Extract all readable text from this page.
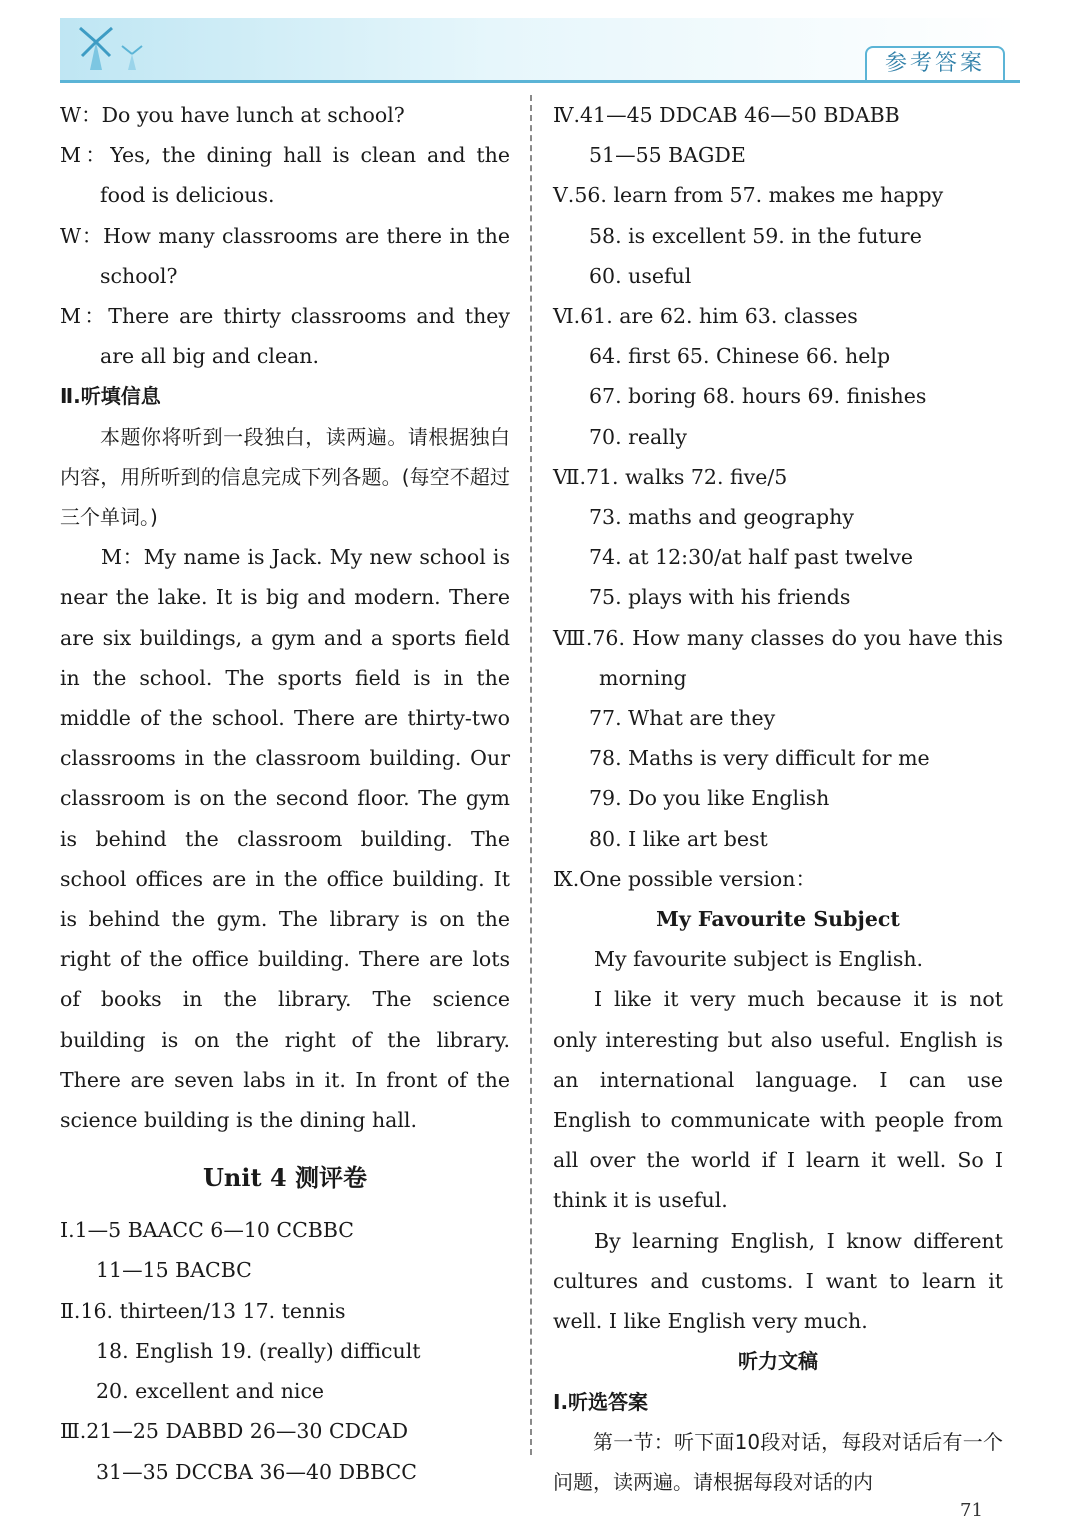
参考答案
W：Do you have lunch at school?
M：Yes, the dining hall is clean and the food is delicious.
W：How many classrooms are there in the school?
M：There are thirty classrooms and they are all big and clean.
Ⅱ.听填信息
本题你将听到一段独白，读两遍。请根据独白内容，用所听到的信息完成下列各题。(每空不超过三个单词。)
M：My name is Jack. My new school is near the lake. It is big and modern. There are six buildings, a gym and a sports field in the school. The sports field is in the middle of the school. There are thirty-two classrooms in the classroom building. Our classroom is on the second floor. The gym is behind the classroom building. The school offices are in the office building. It is behind the gym. The library is on the right of the office building. There are lots of books in the library. The science building is on the right of the library. There are seven labs in it. In front of the science building is the dining hall.
Unit 4 测评卷
Ⅰ.1—5 BAACC 6—10 CCBBC
11—15 BACBC
Ⅱ.16. thirteen/13 17. tennis
18. English 19. (really) difficult
20. excellent and nice
Ⅲ.21—25 DABBD 26—30 CDCAD
31—35 DCCBA 36—40 DBBCC
Ⅳ.41—45 DDCAB 46—50 BDABB
51—55 BAGDE
Ⅴ.56. learn from 57. makes me happy
58. is excellent 59. in the future
60. useful
Ⅵ.61. are 62. him 63. classes
64. first 65. Chinese 66. help
67. boring 68. hours 69. finishes
70. really
Ⅶ.71. walks 72. five/5
73. maths and geography
74. at 12:30/at half past twelve
75. plays with his friends
Ⅷ.76. How many classes do you have this morning
77. What are they
78. Maths is very difficult for me
79. Do you like English
80. I like art best
Ⅸ.One possible version：
My Favourite Subject
My favourite subject is English.
I like it very much because it is not only interesting but also useful. English is an international language. I can use English to communicate with people from all over the world if I learn it well. So I think it is useful.
By learning English, I know different cultures and customs. I want to learn it well. I like English very much.
听力文稿
Ⅰ.听选答案
第一节：听下面10段对话，每段对话后有一个问题，读两遍。请根据每段对话的内
71
